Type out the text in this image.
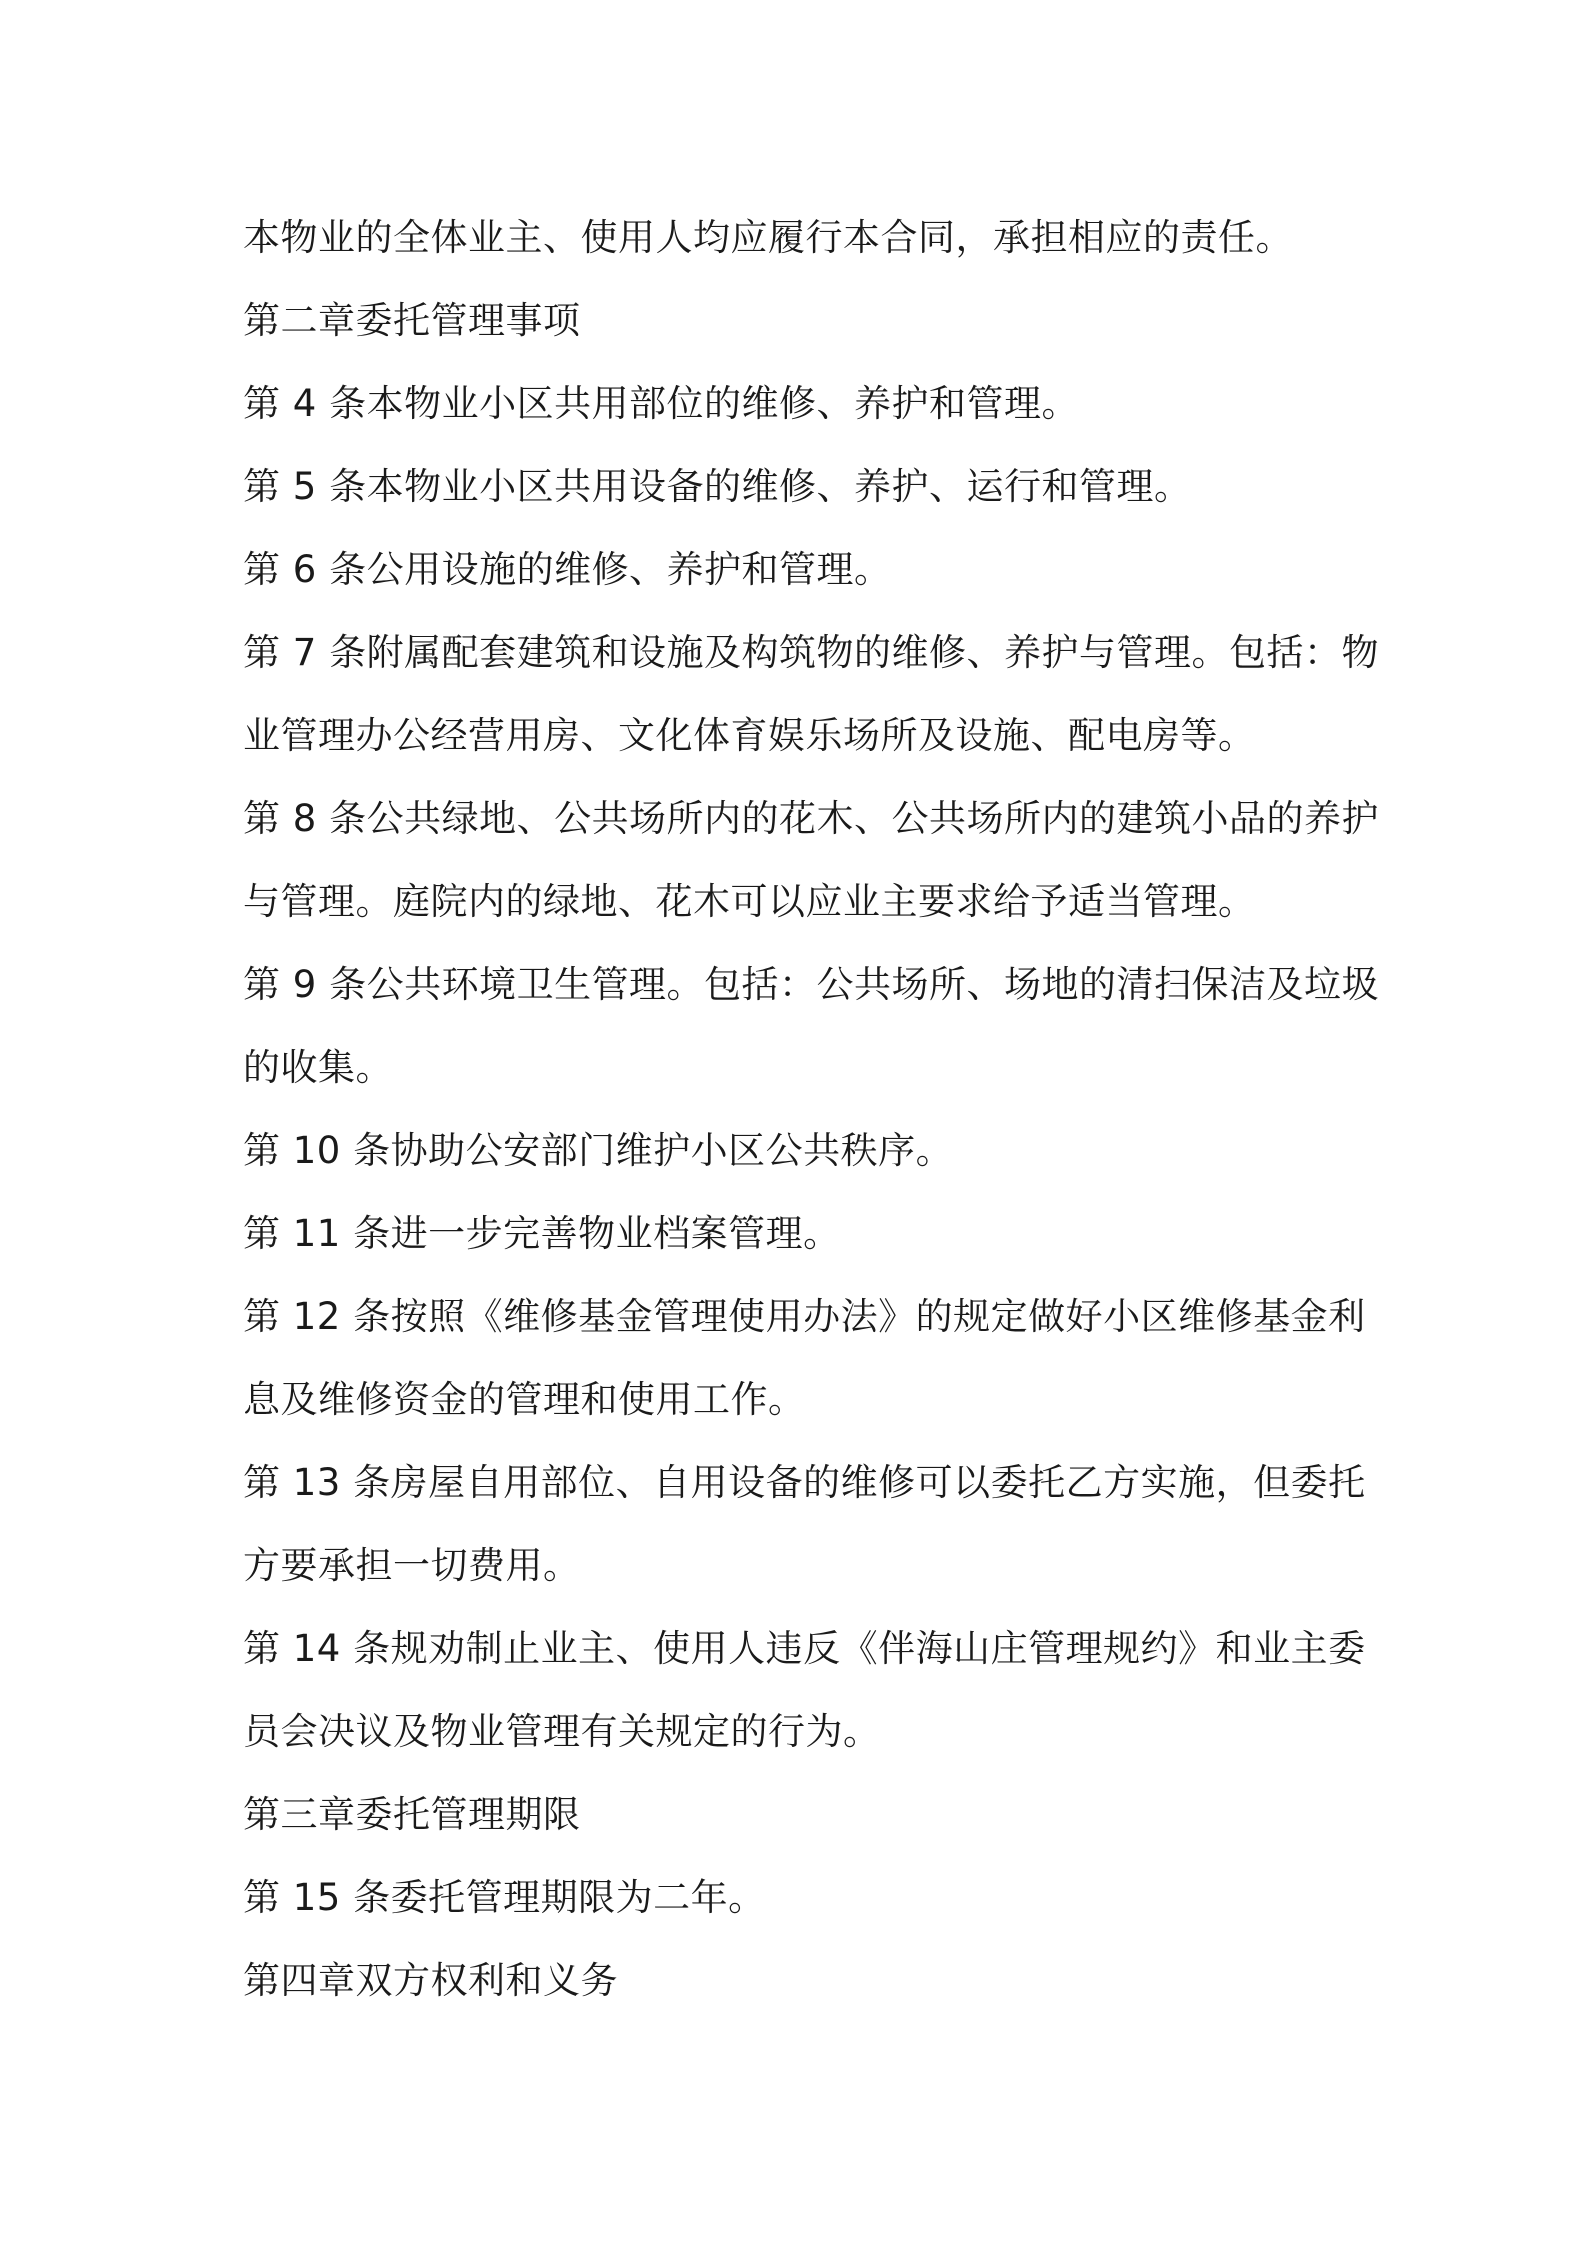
本物业的全体业主、使用人均应履行本合同，承担相应的责任。
第二章委托管理事项
第 4 条本物业小区共用部位的维修、养护和管理。
第 5 条本物业小区共用设备的维修、养护、运行和管理。
第 6 条公用设施的维修、养护和管理。
第 7 条附属配套建筑和设施及构筑物的维修、养护与管理。包括：物
业管理办公经营用房、文化体育娱乐场所及设施、配电房等。
第 8 条公共绿地、公共场所内的花木、公共场所内的建筑小品的养护
与管理。庭院内的绿地、花木可以应业主要求给予适当管理。
第 9 条公共环境卫生管理。包括：公共场所、场地的清扫保洁及垃圾
的收集。
第 10 条协助公安部门维护小区公共秩序。
第 11 条进一步完善物业档案管理。
第 12 条按照《维修基金管理使用办法》的规定做好小区维修基金利
息及维修资金的管理和使用工作。
第 13 条房屋自用部位、自用设备的维修可以委托乙方实施，但委托
方要承担一切费用。
第 14 条规劝制止业主、使用人违反《伴海山庄管理规约》和业主委
员会决议及物业管理有关规定的行为。
第三章委托管理期限
第 15 条委托管理期限为二年。
第四章双方权利和义务
